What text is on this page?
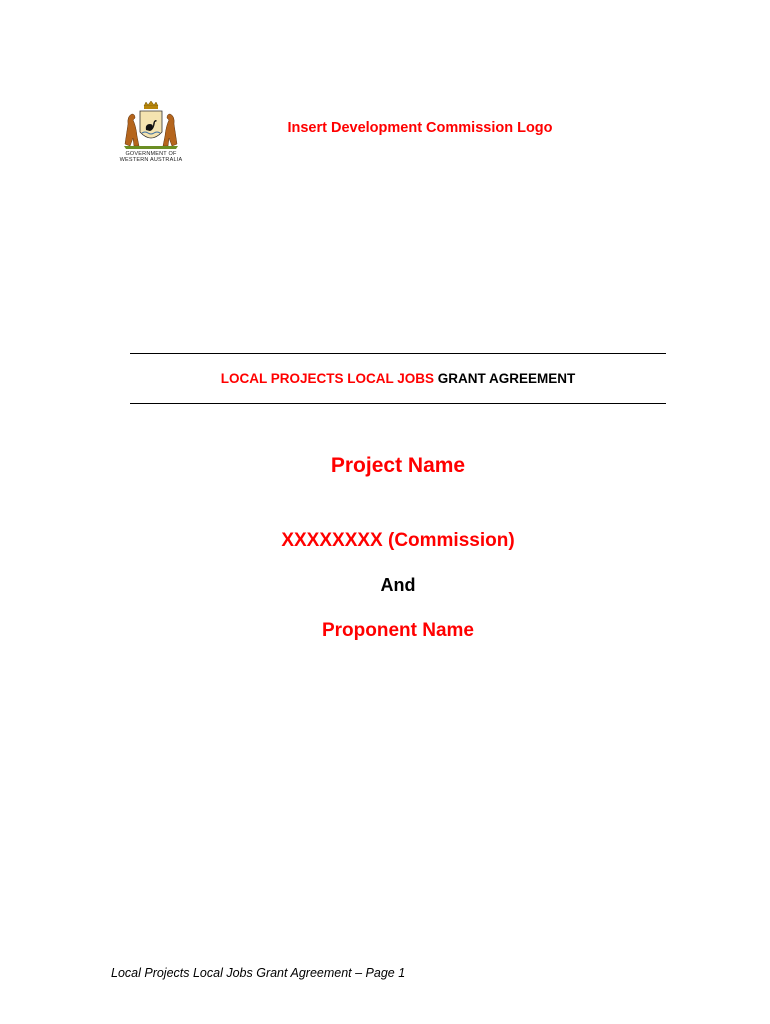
GOVERNMENT OF
WESTERN AUSTRALIA
Insert Development Commission Logo
LOCAL PROJECTS LOCAL JOBS GRANT AGREEMENT
Project Name
XXXXXXXX (Commission)
And
Proponent Name
Local Projects Local Jobs Grant Agreement – Page 1
